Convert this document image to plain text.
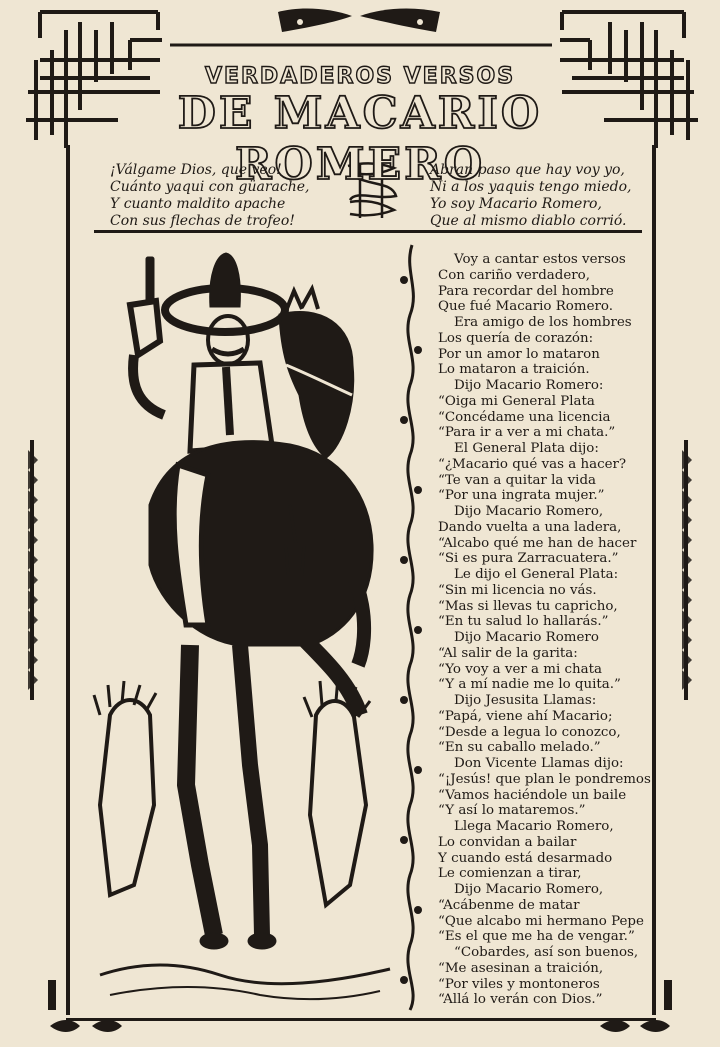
VERDADEROS VERSOS
DE MACARIO ROMERO
¡Válgame Dios, que veo!
Cuánto yaqui con güarache,
Y cuanto maldito apache
Con sus flechas de trofeo!
Abran paso que hay voy yo,
Ni a los yaquis tengo miedo,
Yo soy Macario Romero,
Que al mismo diablo corrió.
Voy a cantar estos versos
Con cariño verdadero,
Para recordar del hombre
Que fué Macario Romero.
Era amigo de los hombres
Los quería de corazón:
Por un amor lo mataron
Lo mataron a traición.
Dijo Macario Romero:
“Oiga mi General Plata
“Concédame una licencia
“Para ir a ver a mi chata.”
El General Plata dijo:
“¿Macario qué vas a hacer?
“Te van a quitar la vida
“Por una ingrata mujer.”
Dijo Macario Romero,
Dando vuelta a una ladera,
“Alcabo qué me han de hacer
“Si es pura Zarracuatera.”
Le dijo el General Plata:
“Sin mi licencia no vás.
“Mas si llevas tu capricho,
“En tu salud lo hallarás.”
Dijo Macario Romero
“Al salir de la garita:
“Yo voy a ver a mi chata
“Y a mí nadie me lo quita.”
Dijo Jesusita Llamas:
“Papá, viene ahí Macario;
“Desde a legua lo conozco,
“En su caballo melado.”
Don Vicente Llamas dijo:
“¡Jesús! que plan le pondremos
“Vamos haciéndole un baile
“Y así lo mataremos.”
Llega Macario Romero,
Lo convidan a bailar
Y cuando está desarmado
Le comienzan a tirar,
Dijo Macario Romero,
“Acábenme de matar
“Que alcabo mi hermano Pepe
“Es el que me ha de vengar.”
“Cobardes, así son buenos,
“Me asesinan a traición,
“Por viles y montoneros
“Allá lo verán con Dios.”
